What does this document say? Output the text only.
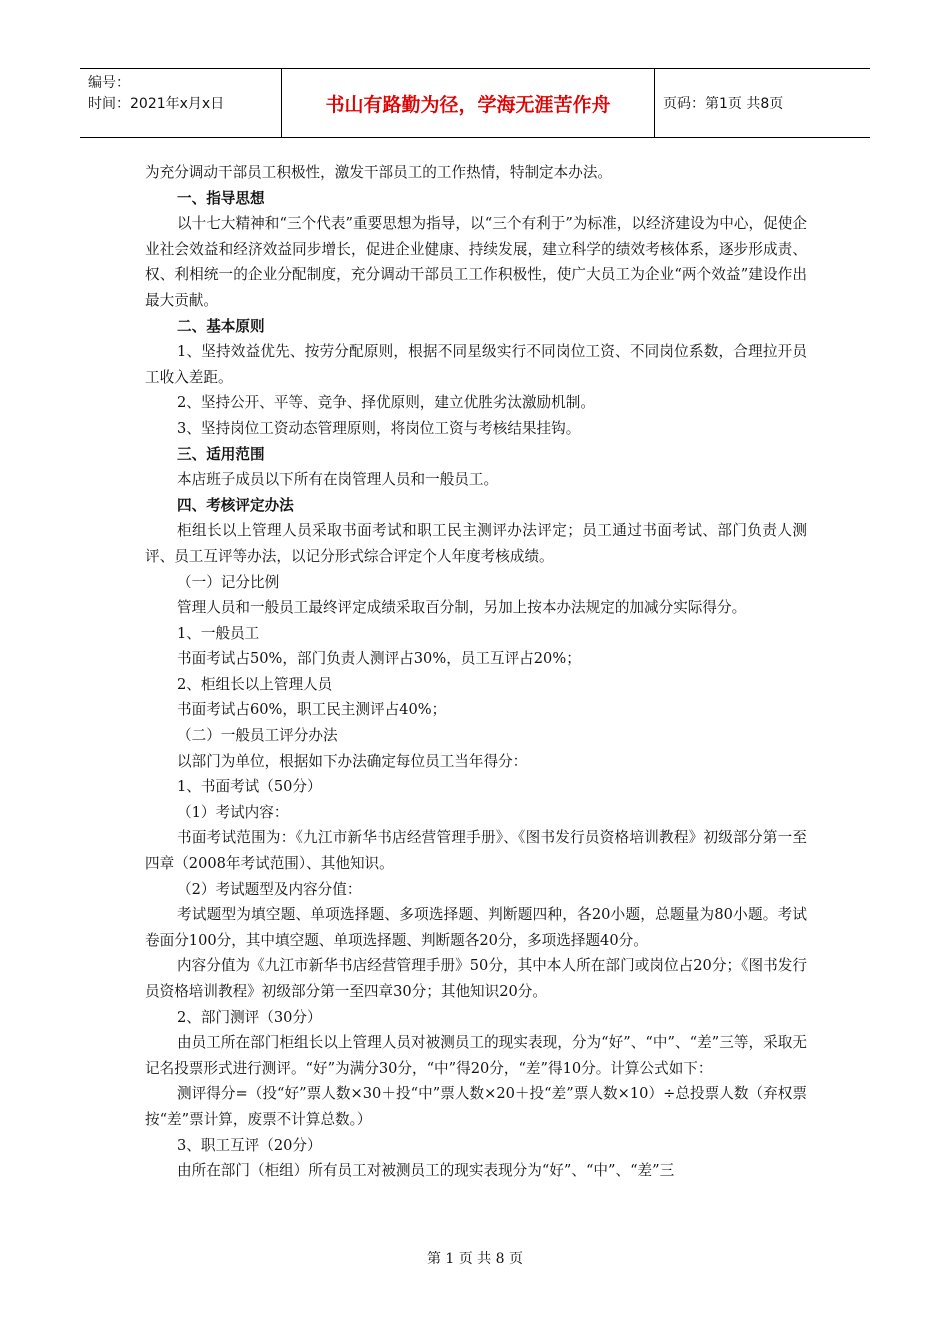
编号：
时间：2021年x月x日	书山有路勤为径，学海无涯苦作舟	页码：第1页 共8页

为充分调动干部员工积极性，激发干部员工的工作热情，特制定本办法。

一、指导思想

以十七大精神和“三个代表”重要思想为指导，以“三个有利于”为标准，以经济建设为中心，促使企业社会效益和经济效益同步增长，促进企业健康、持续发展，建立科学的绩效考核体系，逐步形成责、权、利相统一的企业分配制度，充分调动干部员工工作积极性，使广大员工为企业“两个效益”建设作出最大贡献。

二、基本原则

1、坚持效益优先、按劳分配原则，根据不同星级实行不同岗位工资、不同岗位系数，合理拉开员工收入差距。

2、坚持公开、平等、竞争、择优原则，建立优胜劣汰激励机制。

3、坚持岗位工资动态管理原则，将岗位工资与考核结果挂钩。

三、适用范围

本店班子成员以下所有在岗管理人员和一般员工。

四、考核评定办法

柜组长以上管理人员采取书面考试和职工民主测评办法评定；员工通过书面考试、部门负责人测评、员工互评等办法，以记分形式综合评定个人年度考核成绩。

（一）记分比例

管理人员和一般员工最终评定成绩采取百分制，另加上按本办法规定的加减分实际得分。

1、一般员工

书面考试占50%，部门负责人测评占30%，员工互评占20%；

2、柜组长以上管理人员

书面考试占60%，职工民主测评占40%；

（二）一般员工评分办法

以部门为单位，根据如下办法确定每位员工当年得分：

1、书面考试（50分）

（1）考试内容：

书面考试范围为：《九江市新华书店经营管理手册》、《图书发行员资格培训教程》初级部分第一至四章（2008年考试范围）、其他知识。

（2）考试题型及内容分值：

考试题型为填空题、单项选择题、多项选择题、判断题四种，各20小题，总题量为80小题。考试卷面分100分，其中填空题、单项选择题、判断题各20分，多项选择题40分。

内容分值为《九江市新华书店经营管理手册》50分，其中本人所在部门或岗位占20分；《图书发行员资格培训教程》初级部分第一至四章30分；其他知识20分。

2、部门测评（30分）

由员工所在部门柜组长以上管理人员对被测员工的现实表现，分为“好”、“中”、“差”三等，采取无记名投票形式进行测评。“好”为满分30分，“中”得20分，“差”得10分。计算公式如下：

测评得分=（投“好”票人数×30＋投“中”票人数×20＋投“差”票人数×10）÷总投票人数（弃权票按“差”票计算，废票不计算总数。）

3、职工互评（20分）

由所在部门（柜组）所有员工对被测员工的现实表现分为“好”、“中”、“差”三

第 1 页 共 8 页
